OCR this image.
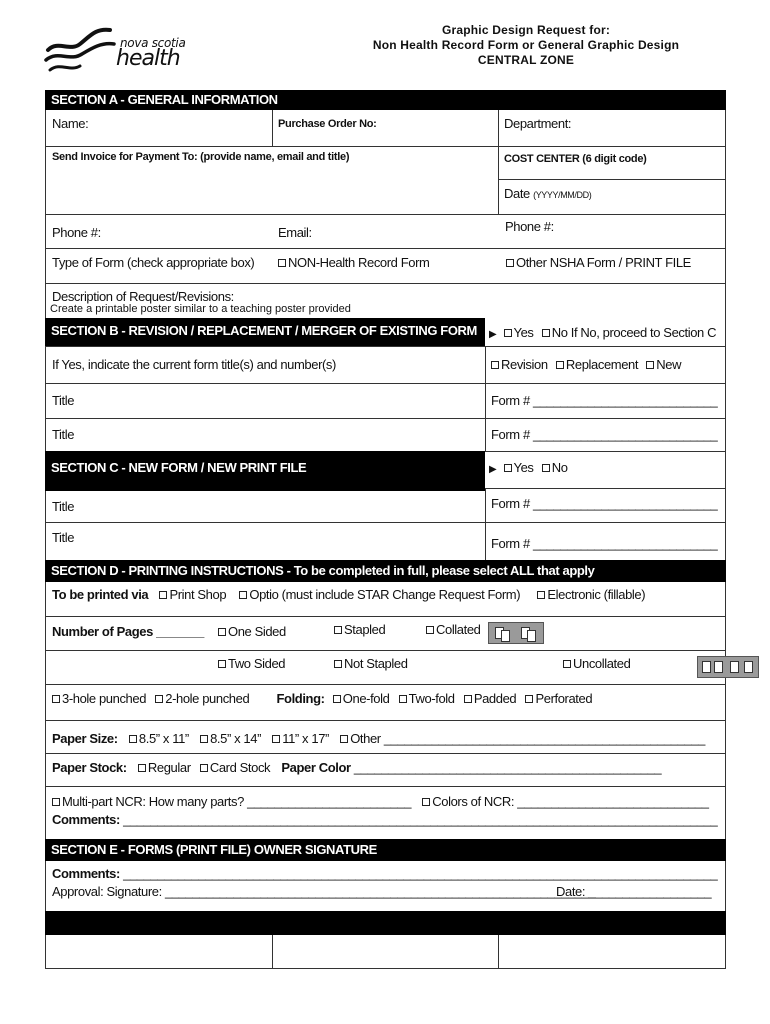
nova scotia
health
Graphic Design Request for:
Non Health Record Form or General Graphic Design
CENTRAL ZONE
SECTION A - GENERAL INFORMATION
Name:	Purchase Order No:	Department:
Send Invoice for Payment To: (provide name, email and title)	COST CENTER (6 digit code)
Date (YYYY/MM/DD)
Phone #:	Email:	Phone #:
Type of Form (check appropriate box)	NON-Health Record Form	Other NSHA Form / PRINT FILE
Description of Request/Revisions:
Create a printable poster similar to a teaching poster provided
SECTION B - REVISION / REPLACEMENT / MERGER OF EXISTING FORM ▶ Yes No If No, proceed to Section C
If Yes, indicate the current form title(s) and number(s)	Revision Replacement New
Title	Form # ___________________________
Title	Form # ___________________________
SECTION C - NEW FORM / NEW PRINT FILE	▶ Yes No
Title	Form # ___________________________
Title	Form # ___________________________
SECTION D - PRINTING INSTRUCTIONS - To be completed in full, please select ALL that apply
To be printed via Print Shop Optio (must include STAR Change Request Form) Electronic (fillable)
Number of Pages _______	One Sided	Stapled	Collated

Two Sided	Not Stapled	Uncollated
3-hole punched 2-hole punched Folding: One-fold Two-fold Padded Perforated
Paper Size: 8.5” x 11” 8.5” x 14” 11” x 17” Other _______________________________________________
Paper Stock: Regular Card Stock Paper Color _____________________________________________
Multi-part NCR: How many parts? ________________________ Colors of NCR: ____________________________
Comments: _______________________________________________________________________________________
SECTION E - FORMS (PRINT FILE) OWNER SIGNATURE
Comments: _______________________________________________________________________________________
Approval: Signature: _______________________________________________________________
Date: __________________
